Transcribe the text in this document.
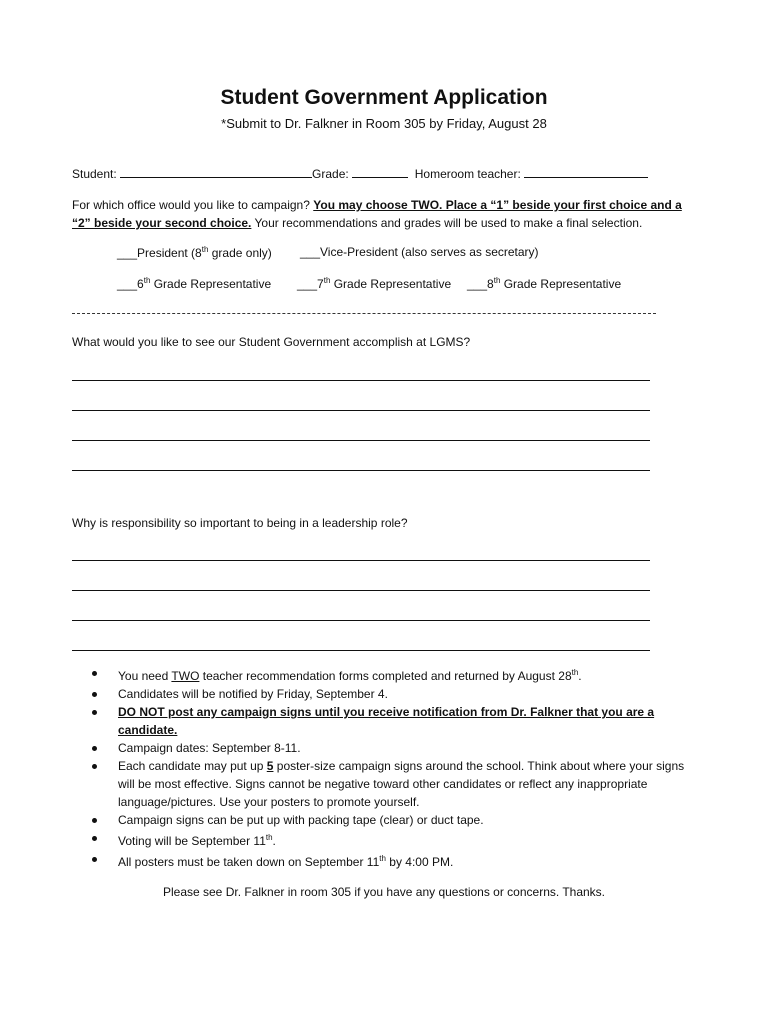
Student Government Application
*Submit to Dr. Falkner in Room 305 by Friday, August 28
Student:	Grade:	Homeroom teacher:
For which office would you like to campaign? You may choose TWO. Place a “1” beside your first choice and a “2” beside your second choice. Your recommendations and grades will be used to make a final selection.
___President (8th grade only) ___Vice-President (also serves as secretary)
___6th Grade Representative ___7th Grade Representative ___8th Grade Representative
What would you like to see our Student Government accomplish at LGMS?
Why is responsibility so important to being in a leadership role?
You need TWO teacher recommendation forms completed and returned by August 28th.
Candidates will be notified by Friday, September 4.
DO NOT post any campaign signs until you receive notification from Dr. Falkner that you are a candidate.
Campaign dates: September 8-11.
Each candidate may put up 5 poster-size campaign signs around the school. Think about where your signs will be most effective. Signs cannot be negative toward other candidates or reflect any inappropriate language/pictures. Use your posters to promote yourself.
Campaign signs can be put up with packing tape (clear) or duct tape.
Voting will be September 11th.
All posters must be taken down on September 11th by 4:00 PM.
Please see Dr. Falkner in room 305 if you have any questions or concerns. Thanks.
